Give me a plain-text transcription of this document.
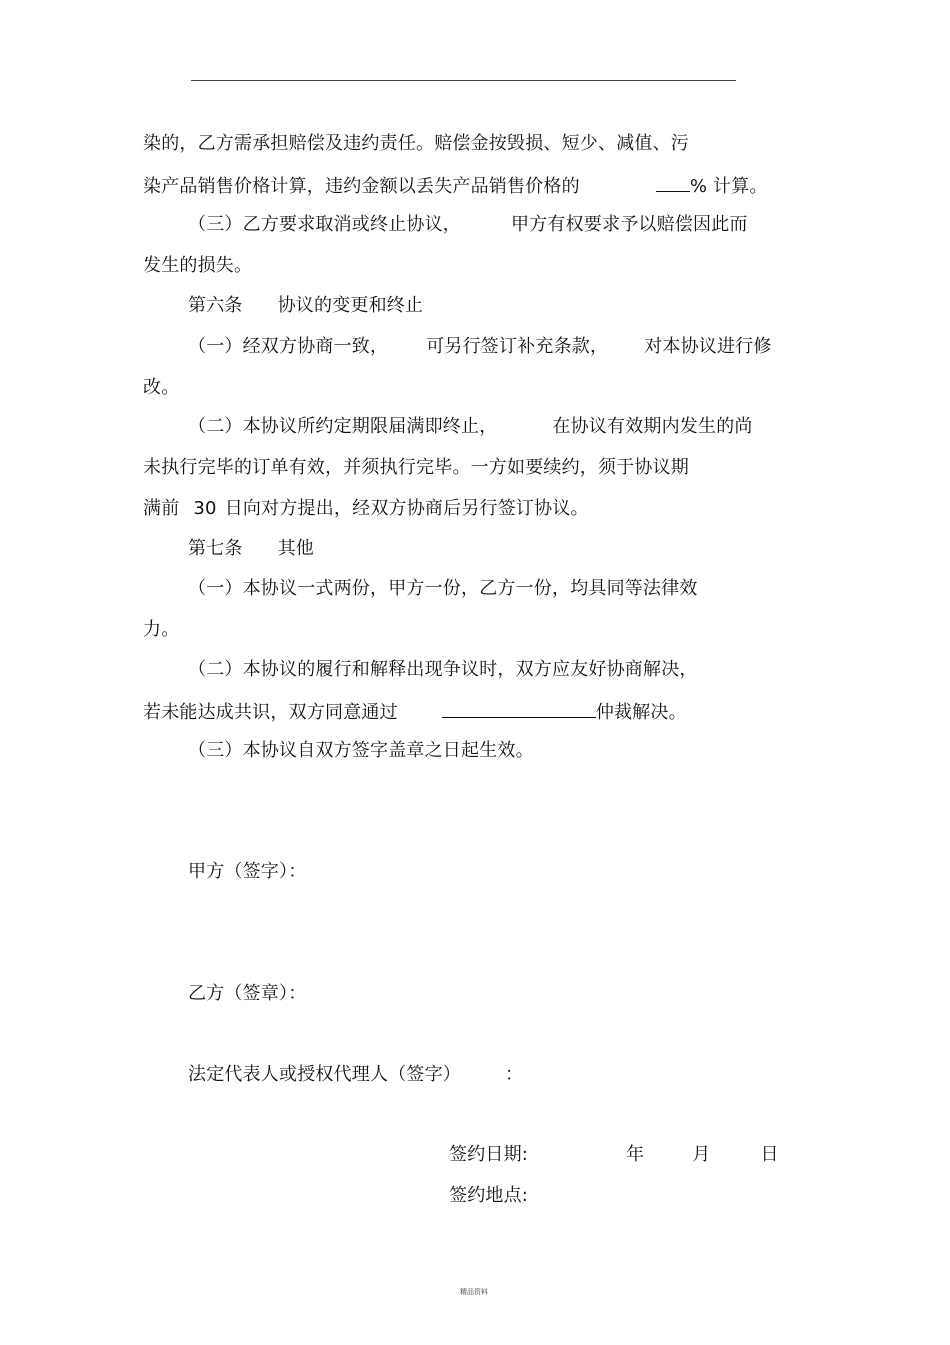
染的，乙方需承担赔偿及违约责任。赔偿金按毁损、短少、减值、污
染产品销售价格计算，违约金额以丢失产品销售价格的	% 计算。
（三）乙方要求取消或终止协议，	甲方有权要求予以赔偿因此而
发生的损失。
第六条 协议的变更和终止
（一）经双方协商一致， 可另行签订补充条款， 对本协议进行修
改。
（二）本协议所约定期限届满即终止，	在协议有效期内发生的尚
未执行完毕的订单有效，并须执行完毕。一方如要续约，须于协议期
满前 30 日向对方提出，经双方协商后另行签订协议。
第七条 其他
（一）本协议一式两份，甲方一份，乙方一份，均具同等法律效
力。
（二）本协议的履行和解释出现争议时，双方应友好协商解决，
若未能达成共识，双方同意通过	仲裁解决。
（三）本协议自双方签字盖章之日起生效。
甲方（签字）：
乙方（签章）：
法定代表人或授权代理人（签字） ：
签约日期:	年	月	日
签约地点:
精品资料
